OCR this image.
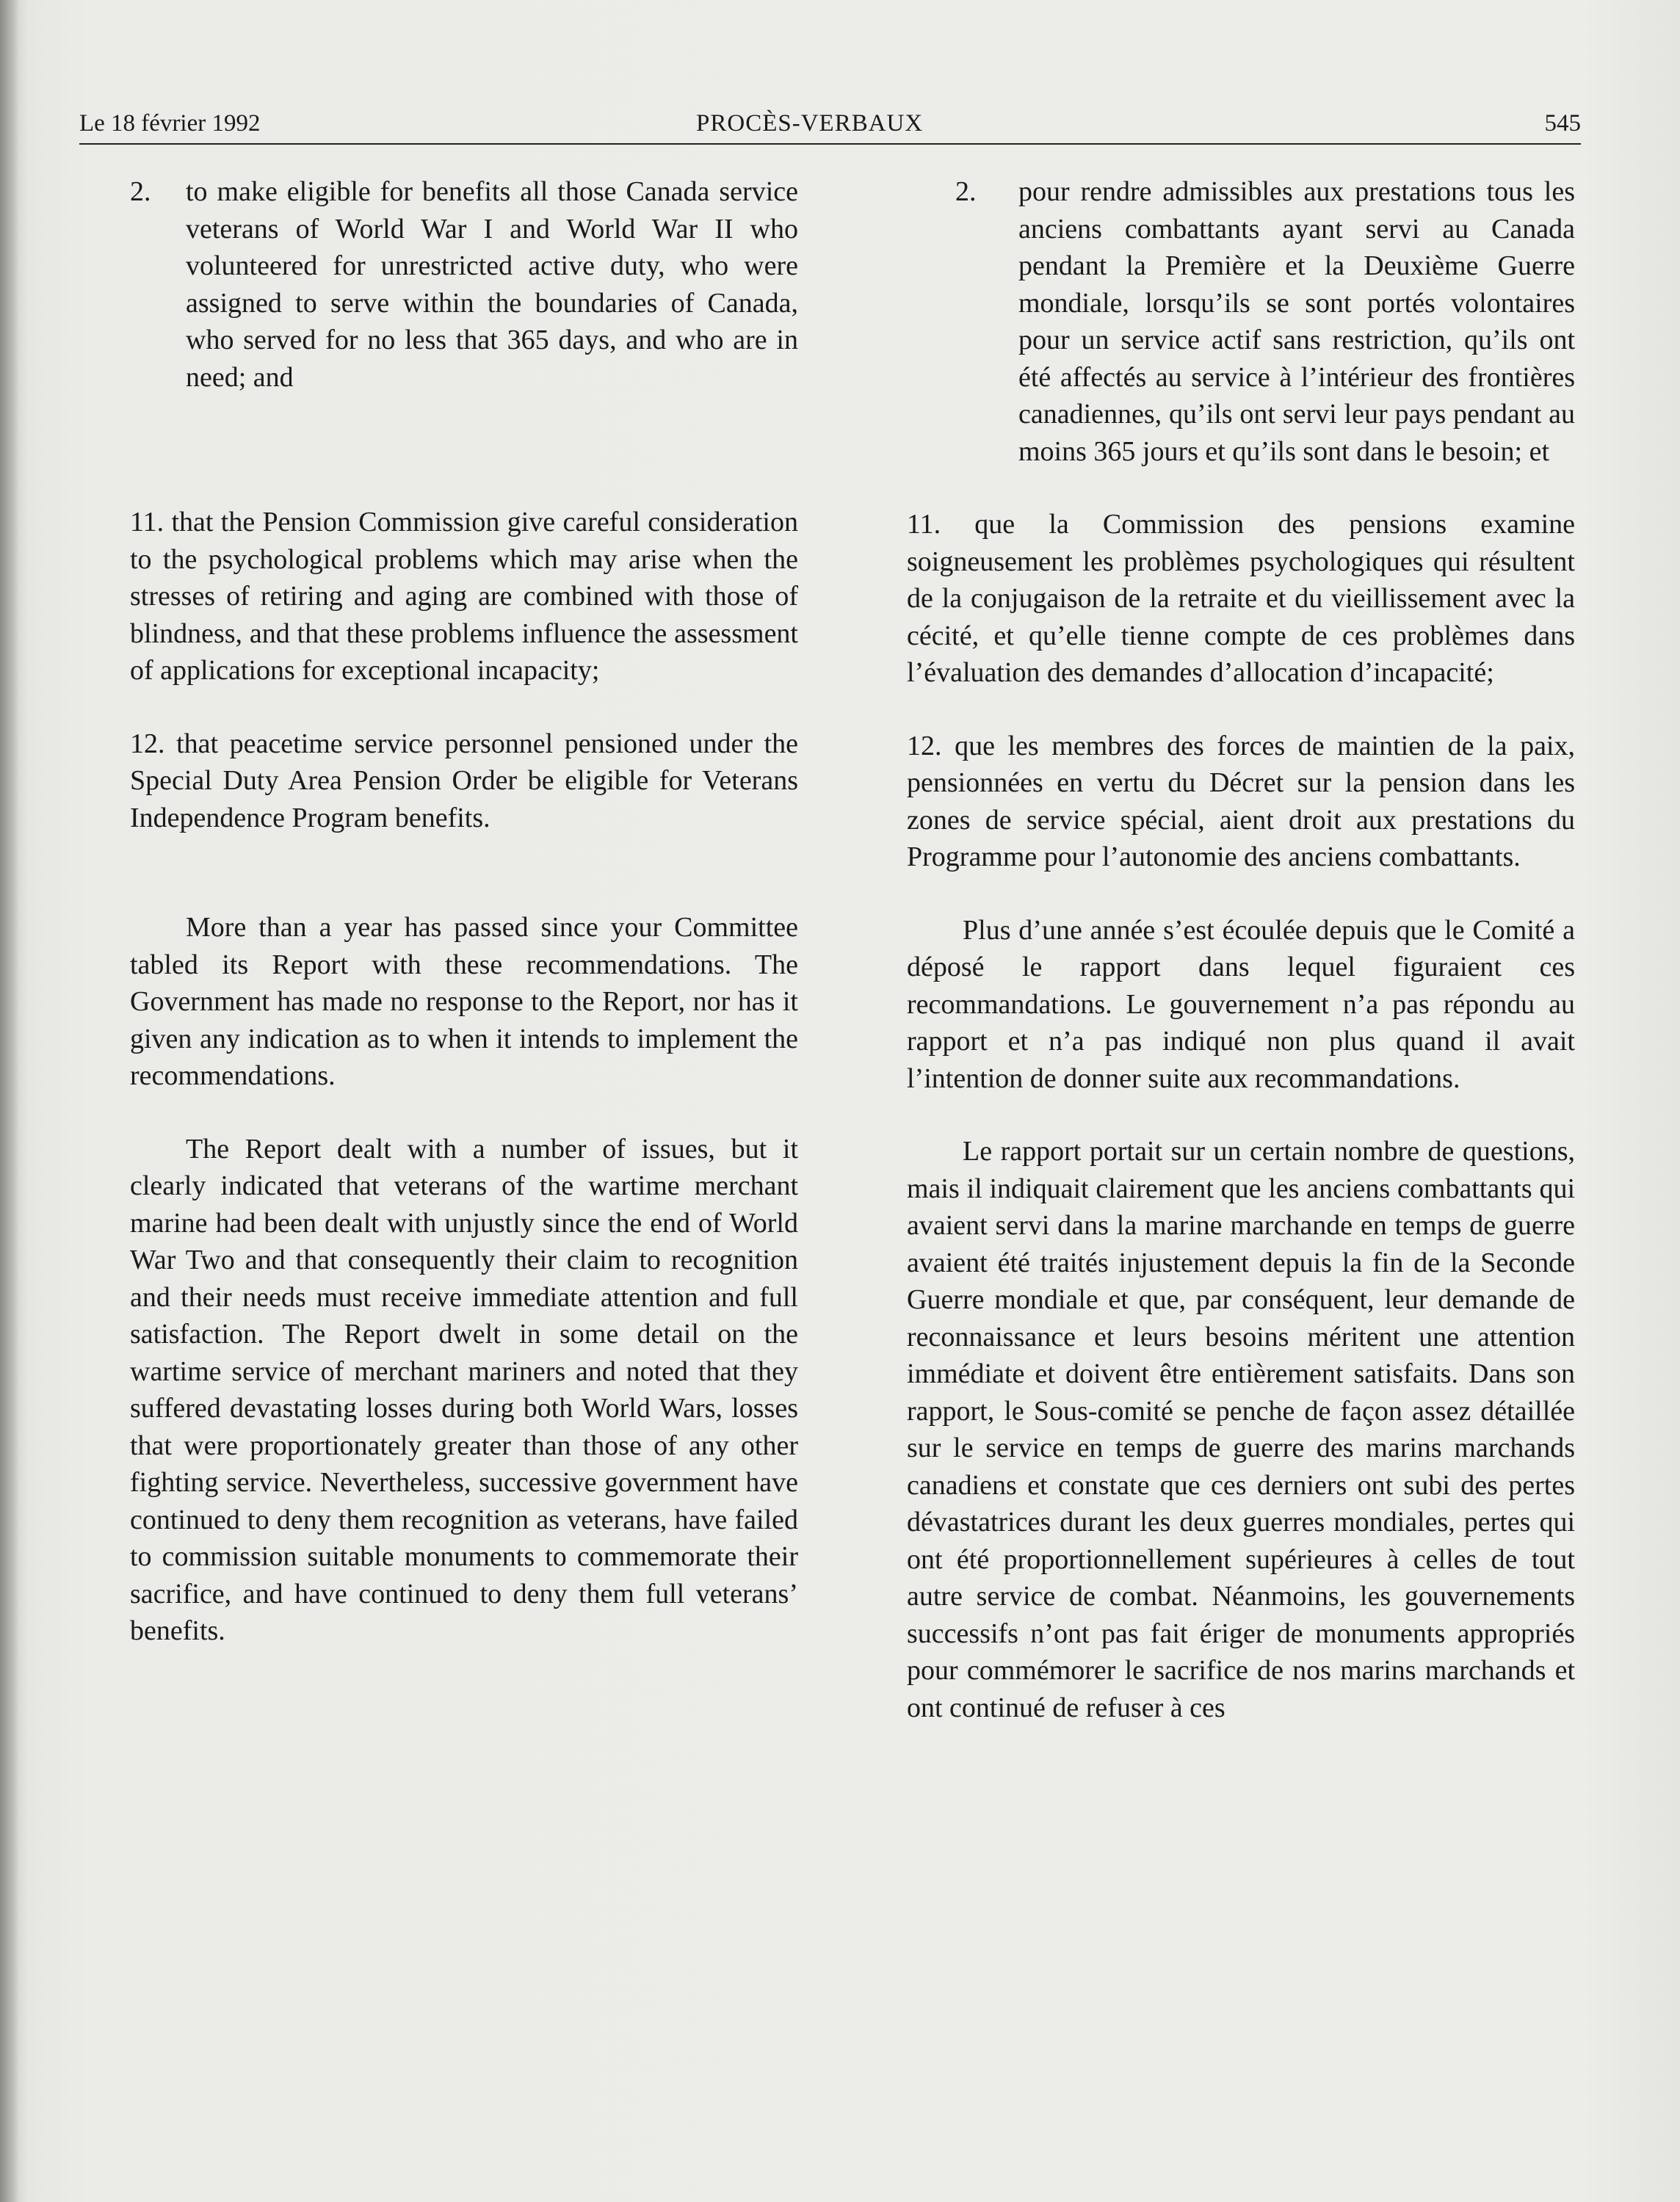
Le 18 février 1992	PROCÈS-VERBAUX	545
2. to make eligible for benefits all those Canada service veterans of World War I and World War II who volunteered for unrestricted active duty, who were assigned to serve within the boundaries of Canada, who served for no less that 365 days, and who are in need; and
11. that the Pension Commission give careful consideration to the psychological problems which may arise when the stresses of retiring and aging are combined with those of blindness, and that these problems influence the assessment of applications for exceptional incapacity;
12. that peacetime service personnel pensioned under the Special Duty Area Pension Order be eligible for Veterans Independence Program benefits.

More than a year has passed since your Committee tabled its Report with these recommendations. The Government has made no response to the Report, nor has it given any indication as to when it intends to implement the recommendations.

The Report dealt with a number of issues, but it clearly indicated that veterans of the wartime merchant marine had been dealt with unjustly since the end of World War Two and that consequently their claim to recognition and their needs must receive immediate attention and full satisfaction. The Report dwelt in some detail on the wartime service of merchant mariners and noted that they suffered devastating losses during both World Wars, losses that were proportionately greater than those of any other fighting service. Nevertheless, successive government have continued to deny them recognition as veterans, have failed to commission suitable monuments to commemorate their sacrifice, and have continued to deny them full veterans’ benefits.

2. pour rendre admissibles aux prestations tous les anciens combattants ayant servi au Canada pendant la Première et la Deuxième Guerre mondiale, lorsqu’ils se sont portés volontaires pour un service actif sans restriction, qu’ils ont été affectés au service à l’intérieur des frontières canadiennes, qu’ils ont servi leur pays pendant au moins 365 jours et qu’ils sont dans le besoin; et
11. que la Commission des pensions examine soigneusement les problèmes psychologiques qui résultent de la conjugaison de la retraite et du vieillissement avec la cécité, et qu’elle tienne compte de ces problèmes dans l’évaluation des demandes d’allocation d’incapacité;
12. que les membres des forces de maintien de la paix, pensionnées en vertu du Décret sur la pension dans les zones de service spécial, aient droit aux prestations du Programme pour l’autonomie des anciens combattants.

Plus d’une année s’est écoulée depuis que le Comité a déposé le rapport dans lequel figuraient ces recommandations. Le gouvernement n’a pas répondu au rapport et n’a pas indiqué non plus quand il avait l’intention de donner suite aux recommandations.

Le rapport portait sur un certain nombre de questions, mais il indiquait clairement que les anciens combattants qui avaient servi dans la marine marchande en temps de guerre avaient été traités injustement depuis la fin de la Seconde Guerre mondiale et que, par conséquent, leur demande de reconnaissance et leurs besoins méritent une attention immédiate et doivent être entièrement satisfaits. Dans son rapport, le Sous-comité se penche de façon assez détaillée sur le service en temps de guerre des marins marchands canadiens et constate que ces derniers ont subi des pertes dévastatrices durant les deux guerres mondiales, pertes qui ont été proportionnellement supérieures à celles de tout autre service de combat. Néanmoins, les gouvernements successifs n’ont pas fait ériger de monuments appropriés pour commémorer le sacrifice de nos marins marchands et ont continué de refuser à ces
